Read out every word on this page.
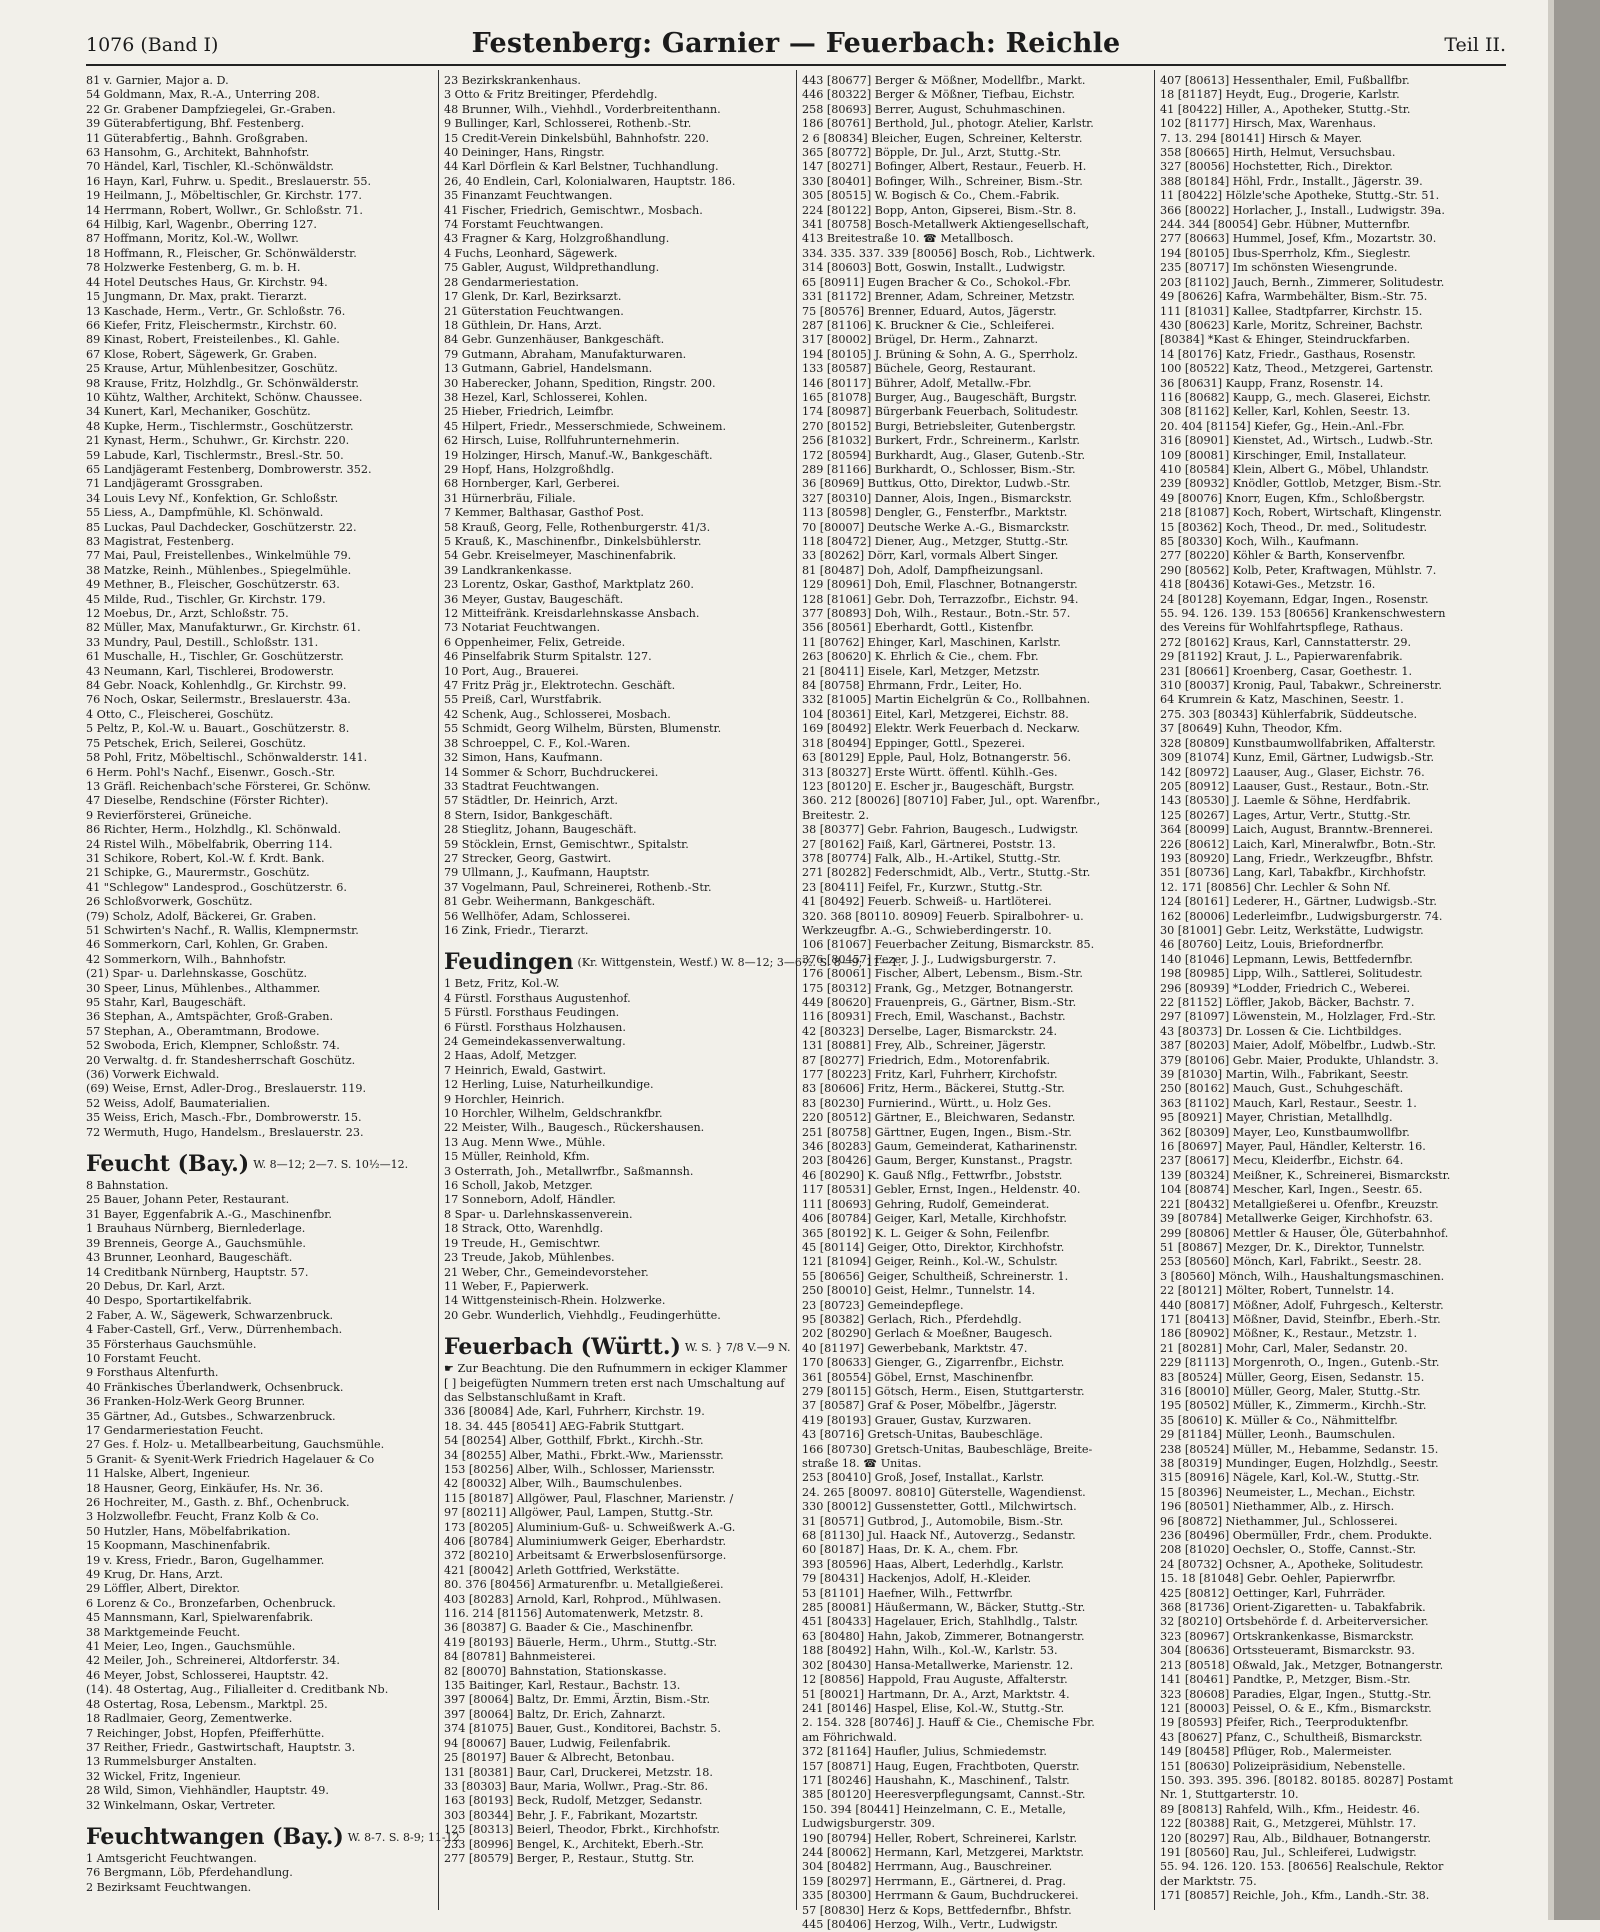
1076 (Band I)	Festenberg: Garnier — Feuerbach: Reichle	Teil II.
81 v. Garnier, Major a. D.
54 Goldmann, Max, R.-A., Unterring 208.
22 Gr. Grabener Dampfziegelei, Gr.-Graben.
39 Güterabfertigung, Bhf. Festenberg.
11 Güterabfertig., Bahnh. Großgraben.
63 Hansohm, G., Architekt, Bahnhofstr.
70 Händel, Karl, Tischler, Kl.-Schönwäldstr.
16 Hayn, Karl, Fuhrw. u. Spedit., Breslauerstr. 55.
19 Heilmann, J., Möbeltischler, Gr. Kirchstr. 177.
14 Herrmann, Robert, Wollwr., Gr. Schloßstr. 71.
64 Hilbig, Karl, Wagenbr., Oberring 127.
87 Hoffmann, Moritz, Kol.-W., Wollwr.
18 Hoffmann, R., Fleischer, Gr. Schönwälderstr.
78 Holzwerke Festenberg, G. m. b. H.
44 Hotel Deutsches Haus, Gr. Kirchstr. 94.
15 Jungmann, Dr. Max, prakt. Tierarzt.
13 Kaschade, Herm., Vertr., Gr. Schloßstr. 76.
66 Kiefer, Fritz, Fleischermstr., Kirchstr. 60.
89 Kinast, Robert, Freisteilenbes., Kl. Gahle.
67 Klose, Robert, Sägewerk, Gr. Graben.
25 Krause, Artur, Mühlenbesitzer, Goschütz.
98 Krause, Fritz, Holzhdlg., Gr. Schönwälderstr.
10 Kühtz, Walther, Architekt, Schönw. Chaussee.
34 Kunert, Karl, Mechaniker, Goschütz.
48 Kupke, Herm., Tischlermstr., Goschützerstr.
21 Kynast, Herm., Schuhwr., Gr. Kirchstr. 220.
59 Labude, Karl, Tischlermstr., Bresl.-Str. 50.
65 Landjägeramt Festenberg, Dombrowerstr. 352.
71 Landjägeramt Grossgraben.
34 Louis Levy Nf., Konfektion, Gr. Schloßstr.
55 Liess, A., Dampfmühle, Kl. Schönwald.
85 Luckas, Paul Dachdecker, Goschützerstr. 22.
83 Magistrat, Festenberg.
77 Mai, Paul, Freistellenbes., Winkelmühle 79.
38 Matzke, Reinh., Mühlenbes., Spiegelmühle.
49 Methner, B., Fleischer, Goschützerstr. 63.
45 Milde, Rud., Tischler, Gr. Kirchstr. 179.
12 Moebus, Dr., Arzt, Schloßstr. 75.
82 Müller, Max, Manufakturwr., Gr. Kirchstr. 61.
33 Mundry, Paul, Destill., Schloßstr. 131.
61 Muschalle, H., Tischler, Gr. Goschützerstr.
43 Neumann, Karl, Tischlerei, Brodowerstr.
84 Gebr. Noack, Kohlenhdlg., Gr. Kirchstr. 99.
76 Noch, Oskar, Seilermstr., Breslauerstr. 43a.
4 Otto, C., Fleischerei, Goschütz.
5 Peltz, P., Kol.-W. u. Bauart., Goschützerstr. 8.
75 Petschek, Erich, Seilerei, Goschütz.
58 Pohl, Fritz, Möbeltischl., Schönwalderstr. 141.
6 Herm. Pohl's Nachf., Eisenwr., Gosch.-Str.
13 Gräfl. Reichenbach'sche Försterei, Gr. Schönw.
47 Dieselbe, Rendschine (Förster Richter).
9 Revierförsterei, Grüneiche.
86 Richter, Herm., Holzhdlg., Kl. Schönwald.
24 Ristel Wilh., Möbelfabrik, Oberring 114.
31 Schikore, Robert, Kol.-W. f. Krdt. Bank.
21 Schipke, G., Maurermstr., Goschütz.
41 "Schlegow" Landesprod., Goschützerstr. 6.
26 Schloßvorwerk, Goschütz.
(79) Scholz, Adolf, Bäckerei, Gr. Graben.
51 Schwirten's Nachf., R. Wallis, Klempnermstr.
46 Sommerkorn, Carl, Kohlen, Gr. Graben.
42 Sommerkorn, Wilh., Bahnhofstr.
(21) Spar- u. Darlehnskasse, Goschütz.
30 Speer, Linus, Mühlenbes., Althammer.
95 Stahr, Karl, Baugeschäft.
36 Stephan, A., Amtspächter, Groß-Graben.
57 Stephan, A., Oberamtmann, Brodowe.
52 Swoboda, Erich, Klempner, Schloßstr. 74.
20 Verwaltg. d. fr. Standesherrschaft Goschütz.
(36) Vorwerk Eichwald.
(69) Weise, Ernst, Adler-Drog., Breslauerstr. 119.
52 Weiss, Adolf, Baumaterialien.
35 Weiss, Erich, Masch.-Fbr., Dombrowerstr. 15.
72 Wermuth, Hugo, Handelsm., Breslauerstr. 23.
Feucht (Bay.) W. 8—12; 2—7. S. 10½—12.
8 Bahnstation.
25 Bauer, Johann Peter, Restaurant.
31 Bayer, Eggenfabrik A.-G., Maschinenfbr.
1 Brauhaus Nürnberg, Biernlederlage.
39 Brenneis, George A., Gauchsmühle.
43 Brunner, Leonhard, Baugeschäft.
14 Creditbank Nürnberg, Hauptstr. 57.
20 Debus, Dr. Karl, Arzt.
40 Despo, Sportartikelfabrik.
2 Faber, A. W., Sägewerk, Schwarzenbruck.
4 Faber-Castell, Grf., Verw., Dürrenhembach.
35 Försterhaus Gauchsmühle.
10 Forstamt Feucht.
9 Forsthaus Altenfurth.
40 Fränkisches Überlandwerk, Ochsenbruck.
36 Franken-Holz-Werk Georg Brunner.
35 Gärtner, Ad., Gutsbes., Schwarzenbruck.
17 Gendarmeriestation Feucht.
27 Ges. f. Holz- u. Metallbearbeitung, Gauchsmühle.
5 Granit- & Syenit-Werk Friedrich Hagelauer & Co
11 Halske, Albert, Ingenieur.
18 Hausner, Georg, Einkäufer, Hs. Nr. 36.
26 Hochreiter, M., Gasth. z. Bhf., Ochenbruck.
3 Holzwollefbr. Feucht, Franz Kolb & Co.
50 Hutzler, Hans, Möbelfabrikation.
15 Koopmann, Maschinenfabrik.
19 v. Kress, Friedr., Baron, Gugelhammer.
49 Krug, Dr. Hans, Arzt.
29 Löffler, Albert, Direktor.
6 Lorenz & Co., Bronzefarben, Ochenbruck.
45 Mannsmann, Karl, Spielwarenfabrik.
38 Marktgemeinde Feucht.
41 Meier, Leo, Ingen., Gauchsmühle.
42 Meiler, Joh., Schreinerei, Altdorferstr. 34.
46 Meyer, Jobst, Schlosserei, Hauptstr. 42.
(14). 48 Ostertag, Aug., Filialleiter d. Creditbank Nb.
48 Ostertag, Rosa, Lebensm., Marktpl. 25.
18 Radlmaier, Georg, Zementwerke.
7 Reichinger, Jobst, Hopfen, Pfeifferhütte.
37 Reither, Friedr., Gastwirtschaft, Hauptstr. 3.
13 Rummelsburger Anstalten.
32 Wickel, Fritz, Ingenieur.
28 Wild, Simon, Viehhändler, Hauptstr. 49.
32 Winkelmann, Oskar, Vertreter.
Feuchtwangen (Bay.) W. 8-7. S. 8-9; 11-12
1 Amtsgericht Feuchtwangen.
76 Bergmann, Löb, Pferdehandlung.
2 Bezirksamt Feuchtwangen.
23 Bezirkskrankenhaus.
3 Otto & Fritz Breitinger, Pferdehdlg.
48 Brunner, Wilh., Viehhdl., Vorderbreitenthann.
9 Bullinger, Karl, Schlosserei, Rothenb.-Str.
15 Credit-Verein Dinkelsbühl, Bahnhofstr. 220.
40 Deininger, Hans, Ringstr.
44 Karl Dörflein & Karl Belstner, Tuchhandlung.
26, 40 Endlein, Carl, Kolonialwaren, Hauptstr. 186.
35 Finanzamt Feuchtwangen.
41 Fischer, Friedrich, Gemischtwr., Mosbach.
74 Forstamt Feuchtwangen.
43 Fragner & Karg, Holzgroßhandlung.
4 Fuchs, Leonhard, Sägewerk.
75 Gabler, August, Wildprethandlung.
28 Gendarmeriestation.
17 Glenk, Dr. Karl, Bezirksarzt.
21 Güterstation Feuchtwangen.
18 Güthlein, Dr. Hans, Arzt.
84 Gebr. Gunzenhäuser, Bankgeschäft.
79 Gutmann, Abraham, Manufakturwaren.
13 Gutmann, Gabriel, Handelsmann.
30 Haberecker, Johann, Spedition, Ringstr. 200.
38 Hezel, Karl, Schlosserei, Kohlen.
25 Hieber, Friedrich, Leimfbr.
45 Hilpert, Friedr., Messerschmiede, Schweinem.
62 Hirsch, Luise, Rollfuhrunternehmerin.
19 Holzinger, Hirsch, Manuf.-W., Bankgeschäft.
29 Hopf, Hans, Holzgroßhdlg.
68 Hornberger, Karl, Gerberei.
31 Hürnerbräu, Filiale.
7 Kemmer, Balthasar, Gasthof Post.
58 Krauß, Georg, Felle, Rothenburgerstr. 41/3.
5 Krauß, K., Maschinenfbr., Dinkelsbühlerstr.
54 Gebr. Kreiselmeyer, Maschinenfabrik.
39 Landkrankenkasse.
23 Lorentz, Oskar, Gasthof, Marktplatz 260.
36 Meyer, Gustav, Baugeschäft.
12 Mitteifränk. Kreisdarlehnskasse Ansbach.
73 Notariat Feuchtwangen.
6 Oppenheimer, Felix, Getreide.
46 Pinselfabrik Sturm Spitalstr. 127.
10 Port, Aug., Brauerei.
47 Fritz Präg jr., Elektrotechn. Geschäft.
55 Preiß, Carl, Wurstfabrik.
42 Schenk, Aug., Schlosserei, Mosbach.
55 Schmidt, Georg Wilhelm, Bürsten, Blumenstr.
38 Schroeppel, C. F., Kol.-Waren.
32 Simon, Hans, Kaufmann.
14 Sommer & Schorr, Buchdruckerei.
33 Stadtrat Feuchtwangen.
57 Städtler, Dr. Heinrich, Arzt.
8 Stern, Isidor, Bankgeschäft.
28 Stieglitz, Johann, Baugeschäft.
59 Stöcklein, Ernst, Gemischtwr., Spitalstr.
27 Strecker, Georg, Gastwirt.
79 Ullmann, J., Kaufmann, Hauptstr.
37 Vogelmann, Paul, Schreinerei, Rothenb.-Str.
81 Gebr. Weihermann, Bankgeschäft.
56 Wellhöfer, Adam, Schlosserei.
16 Zink, Friedr., Tierarzt.
Feudingen (Kr. Wittgenstein, Westf.) W. 8—12; 3—6½. S. 8—9; 11—1.
1 Betz, Fritz, Kol.-W.
4 Fürstl. Forsthaus Augustenhof.
5 Fürstl. Forsthaus Feudingen.
6 Fürstl. Forsthaus Holzhausen.
24 Gemeindekassenverwaltung.
2 Haas, Adolf, Metzger.
7 Heinrich, Ewald, Gastwirt.
12 Herling, Luise, Naturheilkundige.
9 Horchler, Heinrich.
10 Horchler, Wilhelm, Geldschrankfbr.
22 Meister, Wilh., Baugesch., Rückershausen.
13 Aug. Menn Wwe., Mühle.
15 Müller, Reinhold, Kfm.
3 Osterrath, Joh., Metallwrfbr., Saßmannsh.
16 Scholl, Jakob, Metzger.
17 Sonneborn, Adolf, Händler.
8 Spar- u. Darlehnskassenverein.
18 Strack, Otto, Warenhdlg.
19 Treude, H., Gemischtwr.
23 Treude, Jakob, Mühlenbes.
21 Weber, Chr., Gemeindevorsteher.
11 Weber, F., Papierwerk.
14 Wittgensteinisch-Rhein. Holzwerke.
20 Gebr. Wunderlich, Viehhdlg., Feudingerhütte.
Feuerbach (Württ.) W. S. } 7/8 V.—9 N.
☛ Zur Beachtung. Die den Rufnummern in eckiger Klammer [ ] beigefügten Nummern treten erst nach Umschaltung auf das Selbstanschlußamt in Kraft.
336 [80084] Ade, Karl, Fuhrherr, Kirchstr. 19.
18. 34. 445 [80541] AEG-Fabrik Stuttgart.
54 [80254] Alber, Gotthilf, Fbrkt., Kirchh.-Str.
34 [80255] Alber, Mathi., Fbrkt.-Ww., Mariensstr.
153 [80256] Alber, Wilh., Schlosser, Mariensstr.
42 [80032] Alber, Wilh., Baumschulenbes.
115 [80187] Allgöwer, Paul, Flaschner, Marienstr. /
97 [80211] Allgöwer, Paul, Lampen, Stuttg.-Str.
173 [80205] Aluminium-Guß- u. Schweißwerk A.-G.
406 [80784] Aluminiumwerk Geiger, Eberhardstr.
372 [80210] Arbeitsamt & Erwerbslosenfürsorge.
421 [80042] Arleth Gottfried, Werkstätte.
80. 376 [80456] Armaturenfbr. u. Metallgießerei.
403 [80283] Arnold, Karl, Rohprod., Mühlwasen.
116. 214 [81156] Automatenwerk, Metzstr. 8.
36 [80387] G. Baader & Cie., Maschinenfbr.
419 [80193] Bäuerle, Herm., Uhrm., Stuttg.-Str.
84 [80781] Bahnmeisterei.
82 [80070] Bahnstation, Stationskasse.
135 Baitinger, Karl, Restaur., Bachstr. 13.
397 [80064] Baltz, Dr. Emmi, Ärztin, Bism.-Str.
397 [80064] Baltz, Dr. Erich, Zahnarzt.
374 [81075] Bauer, Gust., Konditorei, Bachstr. 5.
94 [80067] Bauer, Ludwig, Feilenfabrik.
25 [80197] Bauer & Albrecht, Betonbau.
131 [80381] Baur, Carl, Druckerei, Metzstr. 18.
33 [80303] Baur, Maria, Wollwr., Prag.-Str. 86.
163 [80193] Beck, Rudolf, Metzger, Sedanstr.
303 [80344] Behr, J. F., Fabrikant, Mozartstr.
125 [80313] Beierl, Theodor, Fbrkt., Kirchhofstr.
233 [80996] Bengel, K., Architekt, Eberh.-Str.
277 [80579] Berger, P., Restaur., Stuttg. Str.
443 [80677] Berger & Mößner, Modellfbr., Markt.
446 [80322] Berger & Mößner, Tiefbau, Eichstr.
258 [80693] Berrer, August, Schuhmaschinen.
186 [80761] Berthold, Jul., photogr. Atelier, Karlstr.
2 6 [80834] Bleicher, Eugen, Schreiner, Kelterstr.
365 [80772] Böpple, Dr. Jul., Arzt, Stuttg.-Str.
147 [80271] Bofinger, Albert, Restaur., Feuerb. H.
330 [80401] Bofinger, Wilh., Schreiner, Bism.-Str.
305 [80515] W. Bogisch & Co., Chem.-Fabrik.
224 [80122] Bopp, Anton, Gipserei, Bism.-Str. 8.
341 [80758] Bosch-Metallwerk Aktiengesellschaft,
413 Breitestraße 10. ☎ Metallbosch.
334. 335. 337. 339 [80056] Bosch, Rob., Lichtwerk.
314 [80603] Bott, Goswin, Installt., Ludwigstr.
65 [80911] Eugen Bracher & Co., Schokol.-Fbr.
331 [81172] Brenner, Adam, Schreiner, Metzstr.
75 [80576] Brenner, Eduard, Autos, Jägerstr.
287 [81106] K. Bruckner & Cie., Schleiferei.
317 [80002] Brügel, Dr. Herm., Zahnarzt.
194 [80105] J. Brüning & Sohn, A. G., Sperrholz.
133 [80587] Büchele, Georg, Restaurant.
146 [80117] Bührer, Adolf, Metallw.-Fbr.
165 [81078] Burger, Aug., Baugeschäft, Burgstr.
174 [80987] Bürgerbank Feuerbach, Solitudestr.
270 [80152] Burgi, Betriebsleiter, Gutenbergstr.
256 [81032] Burkert, Frdr., Schreinerm., Karlstr.
172 [80594] Burkhardt, Aug., Glaser, Gutenb.-Str.
289 [81166] Burkhardt, O., Schlosser, Bism.-Str.
36 [80969] Buttkus, Otto, Direktor, Ludwb.-Str.
327 [80310] Danner, Alois, Ingen., Bismarckstr.
113 [80598] Dengler, G., Fensterfbr., Marktstr.
70 [80007] Deutsche Werke A.-G., Bismarckstr.
118 [80472] Diener, Aug., Metzger, Stuttg.-Str.
33 [80262] Dörr, Karl, vormals Albert Singer.
81 [80487] Doh, Adolf, Dampfheizungsanl.
129 [80961] Doh, Emil, Flaschner, Botnangerstr.
128 [81061] Gebr. Doh, Terrazzofbr., Eichstr. 94.
377 [80893] Doh, Wilh., Restaur., Botn.-Str. 57.
356 [80561] Eberhardt, Gottl., Kistenfbr.
11 [80762] Ehinger, Karl, Maschinen, Karlstr.
263 [80620] K. Ehrlich & Cie., chem. Fbr.
21 [80411] Eisele, Karl, Metzger, Metzstr.
84 [80758] Ehrmann, Frdr., Leiter, Ho.
332 [81005] Martin Eichelgrün & Co., Rollbahnen.
104 [80361] Eitel, Karl, Metzgerei, Eichstr. 88.
169 [80492] Elektr. Werk Feuerbach d. Neckarw.
318 [80494] Eppinger, Gottl., Spezerei.
63 [80129] Epple, Paul, Holz, Botnangerstr. 56.
313 [80327] Erste Württ. öffentl. Kühlh.-Ges.
123 [80120] E. Escher jr., Baugeschäft, Burgstr.
360. 212 [80026] [80710] Faber, Jul., opt. Warenfbr.,
Breitestr. 2.
38 [80377] Gebr. Fahrion, Baugesch., Ludwigstr.
27 [80162] Faiß, Karl, Gärtnerei, Poststr. 13.
378 [80774] Falk, Alb., H.-Artikel, Stuttg.-Str.
271 [80282] Federschmidt, Alb., Vertr., Stuttg.-Str.
23 [80411] Feifel, Fr., Kurzwr., Stuttg.-Str.
41 [80492] Feuerb. Schweiß- u. Hartlöterei.
320. 368 [80110. 80909] Feuerb. Spiralbohrer- u.
Werkzeugfbr. A.-G., Schwieberdingerstr. 10.
106 [81067] Feuerbacher Zeitung, Bismarckstr. 85.
376 [80457] Fezer, J. J., Ludwigsburgerstr. 7.
176 [80061] Fischer, Albert, Lebensm., Bism.-Str.
175 [80312] Frank, Gg., Metzger, Botnangerstr.
449 [80620] Frauenpreis, G., Gärtner, Bism.-Str.
116 [80931] Frech, Emil, Waschanst., Bachstr.
42 [80323] Derselbe, Lager, Bismarckstr. 24.
131 [80881] Frey, Alb., Schreiner, Jägerstr.
87 [80277] Friedrich, Edm., Motorenfabrik.
177 [80223] Fritz, Karl, Fuhrherr, Kirchofstr.
83 [80606] Fritz, Herm., Bäckerei, Stuttg.-Str.
83 [80230] Furnierind., Württ., u. Holz Ges.
220 [80512] Gärtner, E., Bleichwaren, Sedanstr.
251 [80758] Gärttner, Eugen, Ingen., Bism.-Str.
346 [80283] Gaum, Gemeinderat, Katharinenstr.
203 [80426] Gaum, Berger, Kunstanst., Pragstr.
46 [80290] K. Gauß Nflg., Fettwrfbr., Jobststr.
117 [80531] Gebler, Ernst, Ingen., Heldenstr. 40.
111 [80693] Gehring, Rudolf, Gemeinderat.
406 [80784] Geiger, Karl, Metalle, Kirchhofstr.
365 [80192] K. L. Geiger & Sohn, Feilenfbr.
45 [80114] Geiger, Otto, Direktor, Kirchhofstr.
121 [81094] Geiger, Reinh., Kol.-W., Schulstr.
55 [80656] Geiger, Schultheiß, Schreinerstr. 1.
250 [80010] Geist, Helmr., Tunnelstr. 14.
23 [80723] Gemeindepflege.
95 [80382] Gerlach, Rich., Pferdehdlg.
202 [80290] Gerlach & Moeßner, Baugesch.
40 [81197] Gewerbebank, Marktstr. 47.
170 [80633] Gienger, G., Zigarrenfbr., Eichstr.
361 [80554] Göbel, Ernst, Maschinenfbr.
279 [80115] Götsch, Herm., Eisen, Stuttgarterstr.
37 [80587] Graf & Poser, Möbelfbr., Jägerstr.
419 [80193] Grauer, Gustav, Kurzwaren.
43 [80716] Gretsch-Unitas, Baubeschläge.
166 [80730] Gretsch-Unitas, Baubeschläge, Breite-
straße 18. ☎ Unitas.
253 [80410] Groß, Josef, Installat., Karlstr.
24. 265 [80097. 80810] Güterstelle, Wagendienst.
330 [80012] Gussenstetter, Gottl., Milchwirtsch.
31 [80571] Gutbrod, J., Automobile, Bism.-Str.
68 [81130] Jul. Haack Nf., Autoverzg., Sedanstr.
60 [80187] Haas, Dr. K. A., chem. Fbr.
393 [80596] Haas, Albert, Lederhdlg., Karlstr.
79 [80431] Hackenjos, Adolf, H.-Kleider.
53 [81101] Haefner, Wilh., Fettwrfbr.
285 [80081] Häußermann, W., Bäcker, Stuttg.-Str.
451 [80433] Hagelauer, Erich, Stahlhdlg., Talstr.
63 [80480] Hahn, Jakob, Zimmerer, Botnangerstr.
188 [80492] Hahn, Wilh., Kol.-W., Karlstr. 53.
302 [80430] Hansa-Metallwerke, Marienstr. 12.
12 [80856] Happold, Frau Auguste, Affalterstr.
51 [80021] Hartmann, Dr. A., Arzt, Marktstr. 4.
241 [80146] Haspel, Elise, Kol.-W., Stuttg.-Str.
2. 154. 328 [80746] J. Hauff & Cie., Chemische Fbr.
am Föhrichwald.
372 [81164] Haufler, Julius, Schmiedemstr.
157 [80871] Haug, Eugen, Frachtboten, Querstr.
171 [80246] Haushahn, K., Maschinenf., Talstr.
385 [80120] Heeresverpflegungsamt, Cannst.-Str.
150. 394 [80441] Heinzelmann, C. E., Metalle,
Ludwigsburgerstr. 309.
190 [80794] Heller, Robert, Schreinerei, Karlstr.
244 [80062] Hermann, Karl, Metzgerei, Marktstr.
304 [80482] Herrmann, Aug., Bauschreiner.
159 [80297] Herrmann, E., Gärtnerei, d. Prag.
335 [80300] Herrmann & Gaum, Buchdruckerei.
57 [80830] Herz & Kops, Bettfedernfbr., Bhfstr.
445 [80406] Herzog, Wilh., Vertr., Ludwigstr.
407 [80613] Hessenthaler, Emil, Fußballfbr.
18 [81187] Heydt, Eug., Drogerie, Karlstr.
41 [80422] Hiller, A., Apotheker, Stuttg.-Str.
102 [81177] Hirsch, Max, Warenhaus.
7. 13. 294 [80141] Hirsch & Mayer.
358 [80665] Hirth, Helmut, Versuchsbau.
327 [80056] Hochstetter, Rich., Direktor.
388 [80184] Höhl, Frdr., Installt., Jägerstr. 39.
11 [80422] Hölzle'sche Apotheke, Stuttg.-Str. 51.
366 [80022] Horlacher, J., Install., Ludwigstr. 39a.
244. 344 [80054] Gebr. Hübner, Mutternfbr.
277 [80663] Hummel, Josef, Kfm., Mozartstr. 30.
194 [80105] Ibus-Sperrholz, Kfm., Sieglestr.
235 [80717] Im schönsten Wiesengrunde.
203 [81102] Jauch, Bernh., Zimmerer, Solitudestr.
49 [80626] Kafra, Warmbehälter, Bism.-Str. 75.
111 [81031] Kallee, Stadtpfarrer, Kirchstr. 15.
430 [80623] Karle, Moritz, Schreiner, Bachstr.
[80384] *Kast & Ehinger, Steindruckfarben.
14 [80176] Katz, Friedr., Gasthaus, Rosenstr.
100 [80522] Katz, Theod., Metzgerei, Gartenstr.
36 [80631] Kaupp, Franz, Rosenstr. 14.
116 [80682] Kaupp, G., mech. Glaserei, Eichstr.
308 [81162] Keller, Karl, Kohlen, Seestr. 13.
20. 404 [81154] Kiefer, Gg., Hein.-Anl.-Fbr.
316 [80901] Kienstet, Ad., Wirtsch., Ludwb.-Str.
109 [80081] Kirschinger, Emil, Installateur.
410 [80584] Klein, Albert G., Möbel, Uhlandstr.
239 [80932] Knödler, Gottlob, Metzger, Bism.-Str.
49 [80076] Knorr, Eugen, Kfm., Schloßbergstr.
218 [81087] Koch, Robert, Wirtschaft, Klingenstr.
15 [80362] Koch, Theod., Dr. med., Solitudestr.
85 [80330] Koch, Wilh., Kaufmann.
277 [80220] Köhler & Barth, Konservenfbr.
290 [80562] Kolb, Peter, Kraftwagen, Mühlstr. 7.
418 [80436] Kotawi-Ges., Metzstr. 16.
24 [80128] Koyemann, Edgar, Ingen., Rosenstr.
55. 94. 126. 139. 153 [80656] Krankenschwestern
des Vereins für Wohlfahrtspflege, Rathaus.
272 [80162] Kraus, Karl, Cannstatterstr. 29.
29 [81192] Kraut, J. L., Papierwarenfabrik.
231 [80661] Kroenberg, Casar, Goethestr. 1.
310 [80037] Kronig, Paul, Tabakwr., Schreinerstr.
64 Krumrein & Katz, Maschinen, Seestr. 1.
275. 303 [80343] Kühlerfabrik, Süddeutsche.
37 [80649] Kuhn, Theodor, Kfm.
328 [80809] Kunstbaumwollfabriken, Affalterstr.
309 [81074] Kunz, Emil, Gärtner, Ludwigsb.-Str.
142 [80972] Laauser, Aug., Glaser, Eichstr. 76.
205 [80912] Laauser, Gust., Restaur., Botn.-Str.
143 [80530] J. Laemle & Söhne, Herdfabrik.
125 [80267] Lages, Artur, Vertr., Stuttg.-Str.
364 [80099] Laich, August, Branntw.-Brennerei.
226 [80612] Laich, Karl, Mineralwfbr., Botn.-Str.
193 [80920] Lang, Friedr., Werkzeugfbr., Bhfstr.
351 [80736] Lang, Karl, Tabakfbr., Kirchhofstr.
12. 171 [80856] Chr. Lechler & Sohn Nf.
124 [80161] Lederer, H., Gärtner, Ludwigsb.-Str.
162 [80006] Lederleimfbr., Ludwigsburgerstr. 74.
30 [81001] Gebr. Leitz, Werkstätte, Ludwigstr.
46 [80760] Leitz, Louis, Briefordnerfbr.
140 [81046] Lepmann, Lewis, Bettfedernfbr.
198 [80985] Lipp, Wilh., Sattlerei, Solitudestr.
296 [80939] *Lodder, Friedrich C., Weberei.
22 [81152] Löffler, Jakob, Bäcker, Bachstr. 7.
297 [81097] Löwenstein, M., Holzlager, Frd.-Str.
43 [80373] Dr. Lossen & Cie. Lichtbildges.
387 [80203] Maier, Adolf, Möbelfbr., Ludwb.-Str.
379 [80106] Gebr. Maier, Produkte, Uhlandstr. 3.
39 [81030] Martin, Wilh., Fabrikant, Seestr.
250 [80162] Mauch, Gust., Schuhgeschäft.
363 [81102] Mauch, Karl, Restaur., Seestr. 1.
95 [80921] Mayer, Christian, Metallhdlg.
362 [80309] Mayer, Leo, Kunstbaumwollfbr.
16 [80697] Mayer, Paul, Händler, Kelterstr. 16.
237 [80617] Mecu, Kleiderfbr., Eichstr. 64.
139 [80324] Meißner, K., Schreinerei, Bismarckstr.
104 [80874] Mescher, Karl, Ingen., Seestr. 65.
221 [80432] Metallgießerei u. Ofenfbr., Kreuzstr.
39 [80784] Metallwerke Geiger, Kirchhofstr. 63.
299 [80806] Mettler & Hauser, Öle, Güterbahnhof.
51 [80867] Mezger, Dr. K., Direktor, Tunnelstr.
253 [80560] Mönch, Karl, Fabrikt., Seestr. 28.
3 [80560] Mönch, Wilh., Haushaltungsmaschinen.
22 [80121] Mölter, Robert, Tunnelstr. 14.
440 [80817] Mößner, Adolf, Fuhrgesch., Kelterstr.
171 [80413] Mößner, David, Steinfbr., Eberh.-Str.
186 [80902] Mößner, K., Restaur., Metzstr. 1.
21 [80281] Mohr, Carl, Maler, Sedanstr. 20.
229 [81113] Morgenroth, O., Ingen., Gutenb.-Str.
83 [80524] Müller, Georg, Eisen, Sedanstr. 15.
316 [80010] Müller, Georg, Maler, Stuttg.-Str.
195 [80502] Müller, K., Zimmerm., Kirchh.-Str.
35 [80610] K. Müller & Co., Nähmittelfbr.
29 [81184] Müller, Leonh., Baumschulen.
238 [80524] Müller, M., Hebamme, Sedanstr. 15.
38 [80319] Mundinger, Eugen, Holzhdlg., Seestr.
315 [80916] Nägele, Karl, Kol.-W., Stuttg.-Str.
15 [80396] Neumeister, L., Mechan., Eichstr.
196 [80501] Niethammer, Alb., z. Hirsch.
96 [80872] Niethammer, Jul., Schlosserei.
236 [80496] Obermüller, Frdr., chem. Produkte.
208 [81020] Oechsler, O., Stoffe, Cannst.-Str.
24 [80732] Ochsner, A., Apotheke, Solitudestr.
15. 18 [81048] Gebr. Oehler, Papierwrfbr.
425 [80812] Oettinger, Karl, Fuhrräder.
368 [81736] Orient-Zigaretten- u. Tabakfabrik.
32 [80210] Ortsbehörde f. d. Arbeiterversicher.
323 [80967] Ortskrankenkasse, Bismarckstr.
304 [80636] Ortssteueramt, Bismarckstr. 93.
213 [80518] Oßwald, Jak., Metzger, Botnangerstr.
141 [80461] Pandtke, P., Metzger, Bism.-Str.
323 [80608] Paradies, Elgar, Ingen., Stuttg.-Str.
121 [80003] Peissel, O. & E., Kfm., Bismarckstr.
19 [80593] Pfeifer, Rich., Teerproduktenfbr.
43 [80627] Pfanz, C., Schultheiß, Bismarckstr.
149 [80458] Pflüger, Rob., Malermeister.
151 [80630] Polizeipräsidium, Nebenstelle.
150. 393. 395. 396. [80182. 80185. 80287] Postamt
Nr. 1, Stuttgarterstr. 10.
89 [80813] Rahfeld, Wilh., Kfm., Heidestr. 46.
122 [80388] Rait, G., Metzgerei, Mühlstr. 17.
120 [80297] Rau, Alb., Bildhauer, Botnangerstr.
191 [80560] Rau, Jul., Schleiferei, Ludwigstr.
55. 94. 126. 120. 153. [80656] Realschule, Rektor
der Marktstr. 75.
171 [80857] Reichle, Joh., Kfm., Landh.-Str. 38.
